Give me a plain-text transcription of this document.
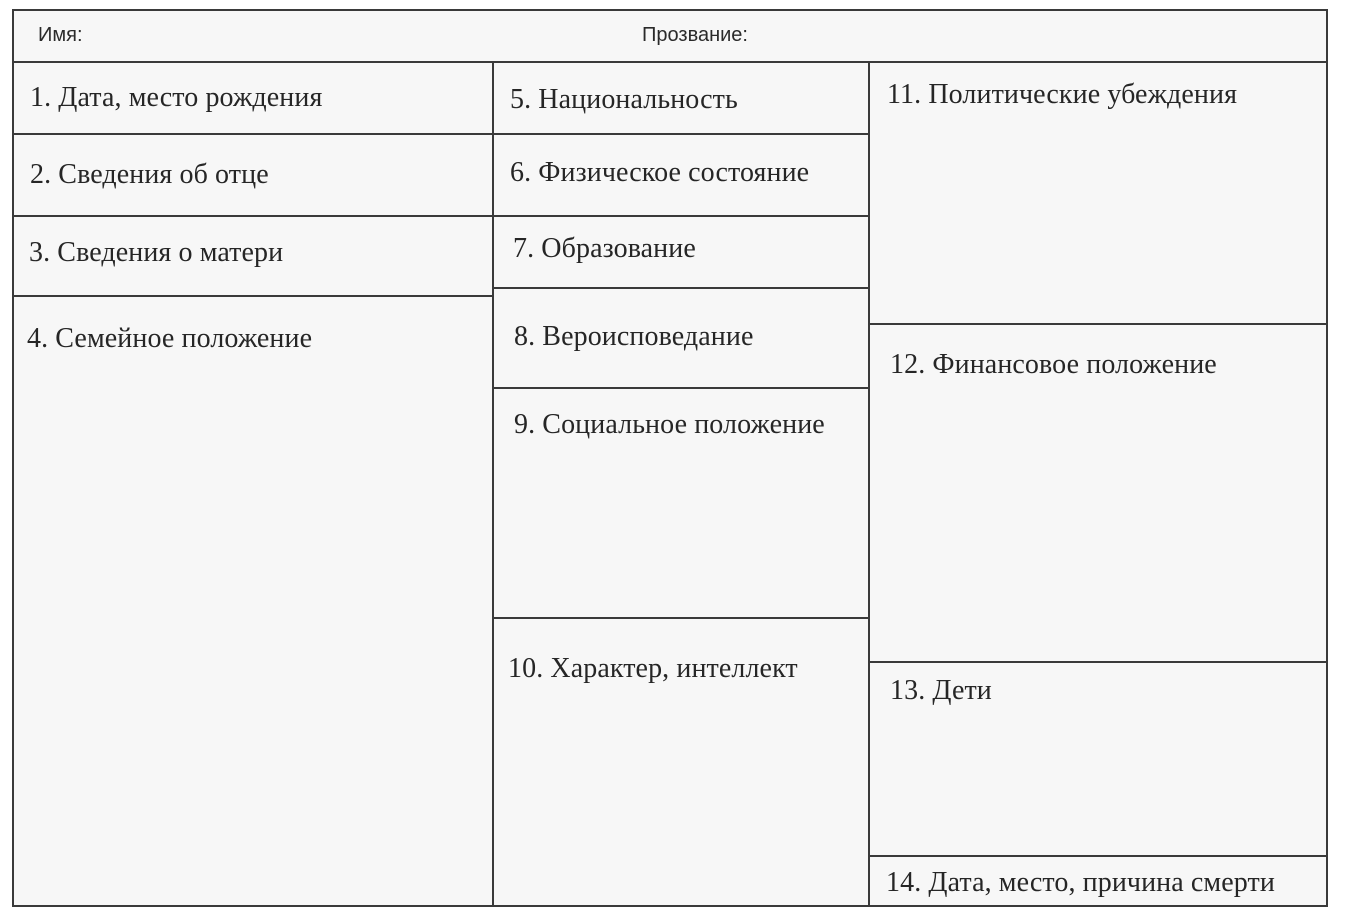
Имя:	Прозвание:
1. Дата, место рождения
2. Сведения об отце
3. Сведения о матери
4. Семейное положение
5. Национальность
6. Физическое состояние
7. Образование
8. Вероисповедание
9. Социальное положение
10. Характер, интеллект
11. Политические убеждения
12. Финансовое положение
13. Дети
14. Дата, место, причина смерти
